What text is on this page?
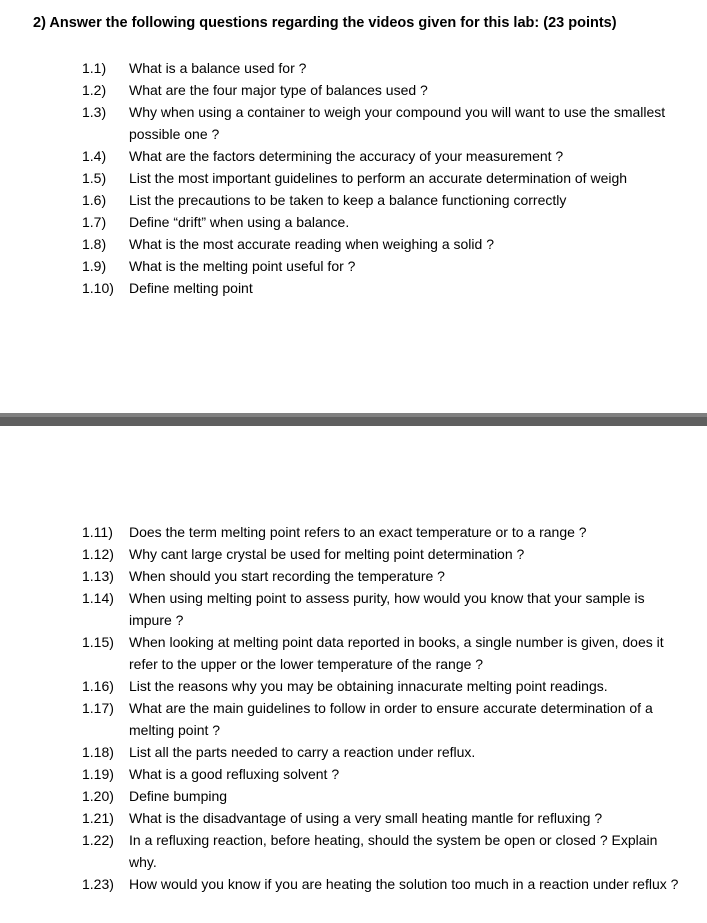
2) Answer the following questions regarding the videos given for this lab: (23 points)
1.1)	What is a balance used for ?
1.2)	What are the four major type of balances used ?
1.3)	Why when using a container to weigh your compound you will want to use the smallest possible one ?
1.4)	What are the factors determining the accuracy of your measurement ?
1.5)	List the most important guidelines to perform an accurate determination of weigh
1.6)	List the precautions to be taken to keep a balance functioning correctly
1.7)	Define “drift” when using a balance.
1.8)	What is the most accurate reading when weighing a solid ?
1.9)	What is the melting point useful for ?
1.10)	Define melting point
1.11)	Does the term melting point refers to an exact temperature or to a range ?
1.12)	Why cant large crystal be used for melting point determination ?
1.13)	When should you start recording the temperature ?
1.14)	When using melting point to assess purity, how would you know that your sample is impure ?
1.15)	When looking at melting point data reported in books, a single number is given, does it refer to the upper or the lower temperature of the range ?
1.16)	List the reasons why you may be obtaining innacurate melting point readings.
1.17)	What are the main guidelines to follow in order to ensure accurate determination of a melting point ?
1.18)	List all the parts needed to carry a reaction under reflux.
1.19)	What is a good refluxing solvent ?
1.20)	Define bumping
1.21)	What is the disadvantage of using a very small heating mantle for refluxing ?
1.22)	In a refluxing reaction, before heating, should the system be open or closed ? Explain why.
1.23)	How would you know if you are heating the solution too much in a reaction under reflux ?
